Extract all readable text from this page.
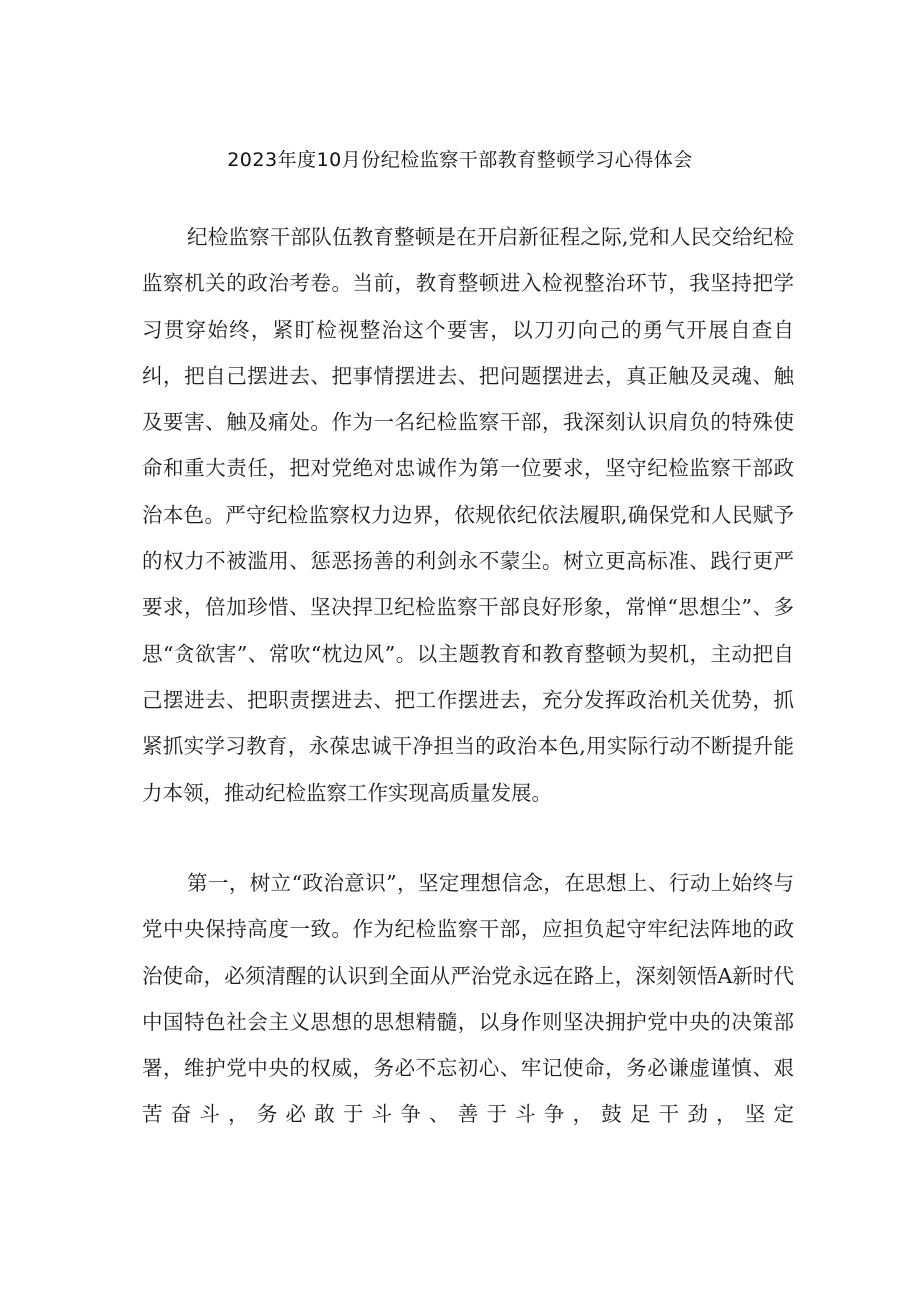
2023年度10月份纪检监察干部教育整顿学习心得体会

纪检监察干部队伍教育整顿是在开启新征程之际,党和人民交给纪检监察机关的政治考卷。当前，教育整顿进入检视整治环节，我坚持把学习贯穿始终，紧盯检视整治这个要害，以刀刃向己的勇气开展自查自纠，把自己摆进去、把事情摆进去、把问题摆进去，真正触及灵魂、触及要害、触及痛处。作为一名纪检监察干部，我深刻认识肩负的特殊使命和重大责任，把对党绝对忠诚作为第一位要求，坚守纪检监察干部政治本色。严守纪检监察权力边界，依规依纪依法履职,确保党和人民赋予的权力不被滥用、惩恶扬善的利剑永不蒙尘。树立更高标准、践行更严要求，倍加珍惜、坚决捍卫纪检监察干部良好形象，常惮“思想尘”、多思“贪欲害”、常吹“枕边风”。以主题教育和教育整顿为契机，主动把自己摆进去、把职责摆进去、把工作摆进去，充分发挥政治机关优势，抓紧抓实学习教育，永葆忠诚干净担当的政治本色,用实际行动不断提升能力本领，推动纪检监察工作实现高质量发展。

第一，树立“政治意识”，坚定理想信念，在思想上、行动上始终与党中央保持高度一致。作为纪检监察干部，应担负起守牢纪法阵地的政治使命，必须清醒的认识到全面从严治党永远在路上，深刻领悟A新时代中国特色社会主义思想的思想精髓，以身作则坚决拥护党中央的决策部署，维护党中央的权威，务必不忘初心、牢记使命，务必谦虚谨慎、艰苦奋斗，务必敢于斗争、善于斗争，鼓足干劲，坚定
